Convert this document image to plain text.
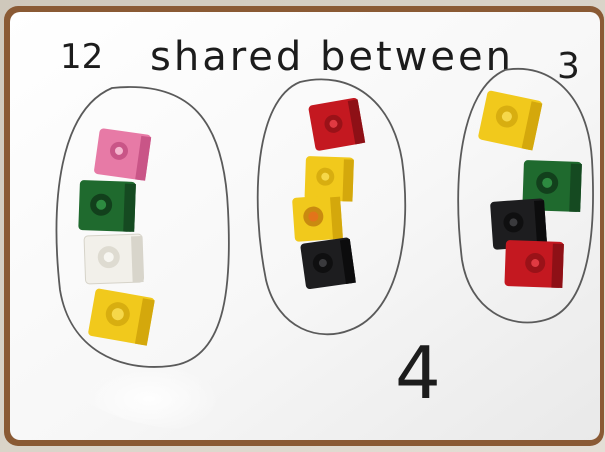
12 shared between 3
4
